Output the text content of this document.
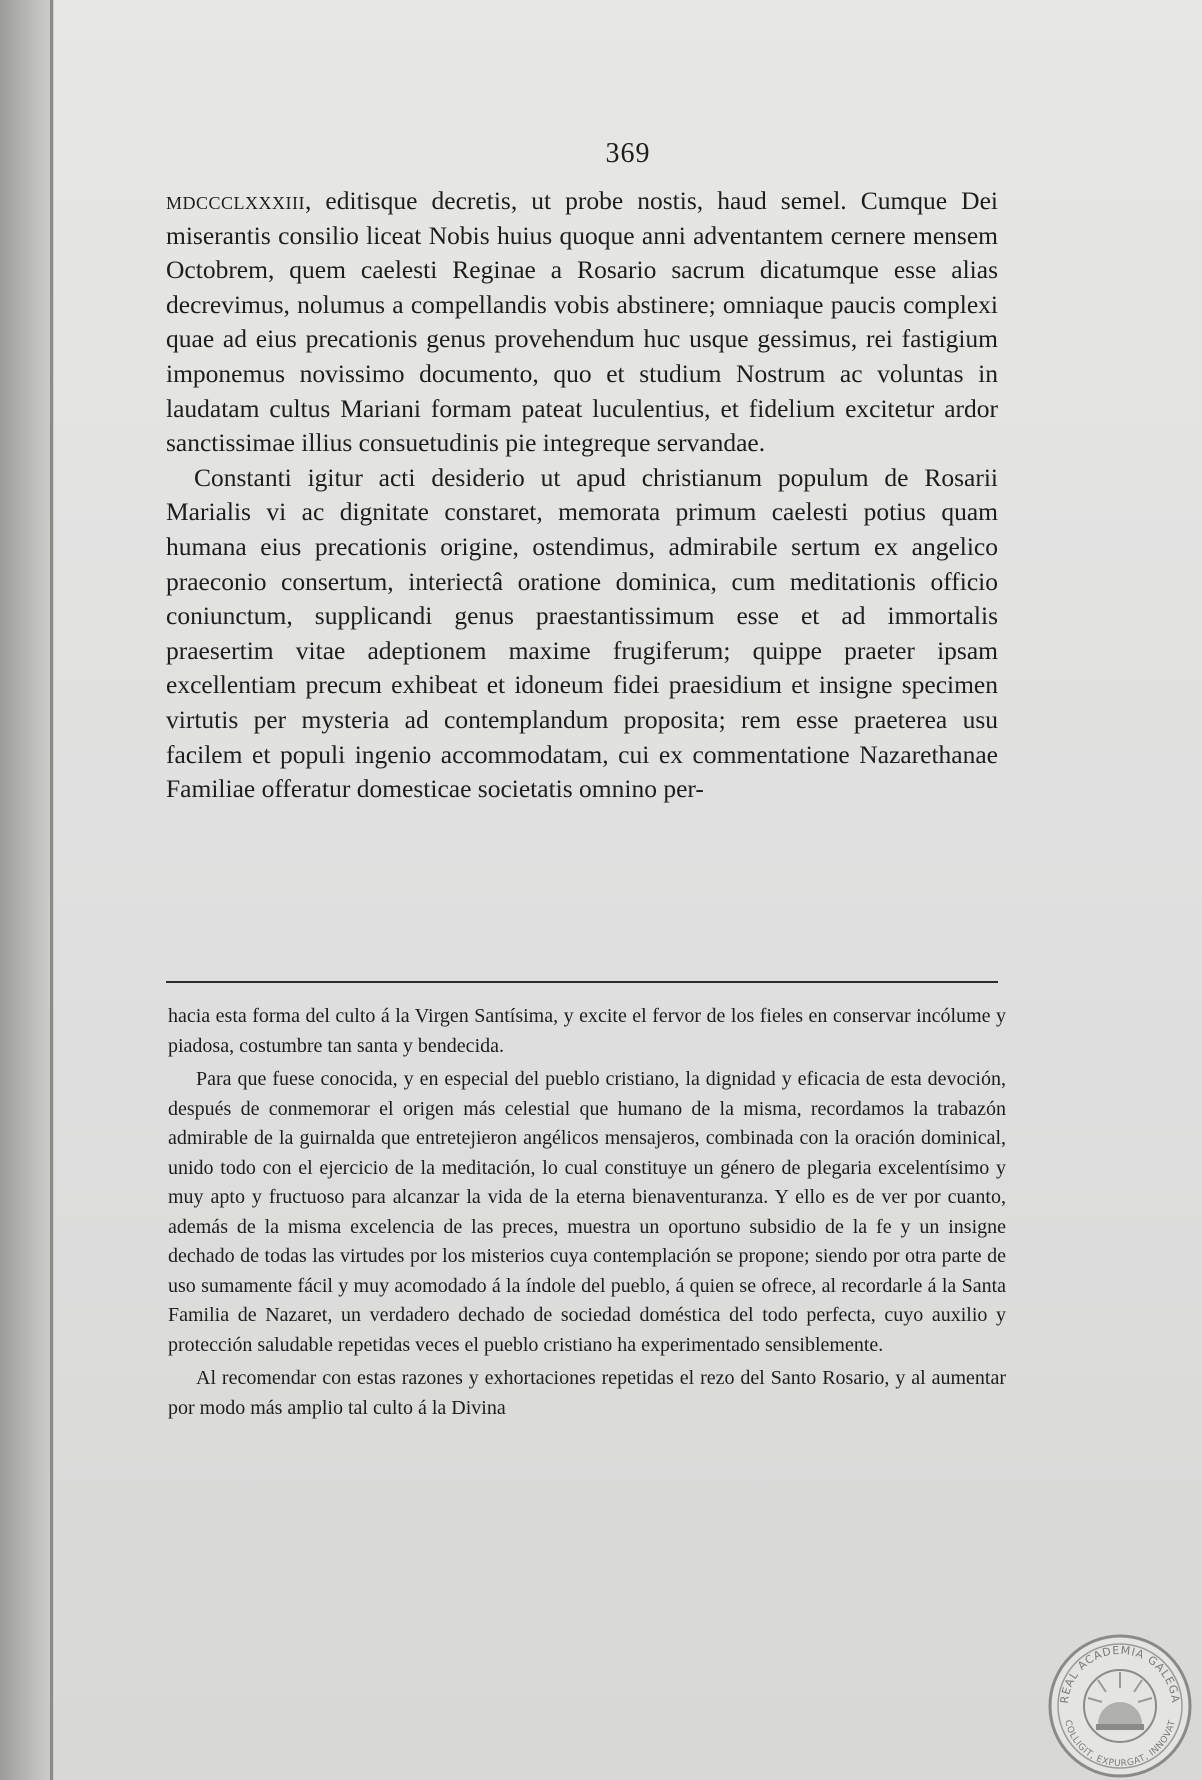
369

mdccclxxxiii, editisque decretis, ut probe nostis, haud semel. Cumque Dei miserantis consilio liceat Nobis huius quoque anni adventantem cernere mensem Octobrem, quem caelesti Reginae a Rosario sacrum dicatumque esse alias decrevimus, nolumus a compellandis vobis abstinere; omniaque paucis complexi quae ad eius precationis genus provehendum huc usque gessimus, rei fastigium imponemus novissimo documento, quo et studium Nostrum ac voluntas in laudatam cultus Mariani formam pateat luculentius, et fidelium excitetur ardor sanctissimae illius consuetudinis pie integreque servandae.

Constanti igitur acti desiderio ut apud christianum populum de Rosarii Marialis vi ac dignitate constaret, memorata primum caelesti potius quam humana eius precationis origine, ostendimus, admirabile sertum ex angelico praeconio consertum, interiectâ oratione dominica, cum meditationis officio coniunctum, supplicandi genus praestantissimum esse et ad immortalis praesertim vitae adeptionem maxime frugiferum; quippe praeter ipsam excellentiam precum exhibeat et idoneum fidei praesidium et insigne specimen virtutis per mysteria ad contemplandum proposita; rem esse praeterea usu facilem et populi ingenio accommodatam, cui ex commentatione Nazarethanae Familiae offeratur domesticae societatis omnino per-

hacia esta forma del culto á la Virgen Santísima, y excite el fervor de los fieles en conservar incólume y piadosa, costumbre tan santa y bendecida.

Para que fuese conocida, y en especial del pueblo cristiano, la dignidad y eficacia de esta devoción, después de conmemorar el origen más celestial que humano de la misma, recordamos la trabazón admirable de la guirnalda que entretejieron angélicos mensajeros, combinada con la oración dominical, unido todo con el ejercicio de la meditación, lo cual constituye un género de plegaria excelentísimo y muy apto y fructuoso para alcanzar la vida de la eterna bienaventuranza. Y ello es de ver por cuanto, además de la misma excelencia de las preces, muestra un oportuno subsidio de la fe y un insigne dechado de todas las virtudes por los misterios cuya contemplación se propone; siendo por otra parte de uso sumamente fácil y muy acomodado á la índole del pueblo, á quien se ofrece, al recordarle á la Santa Familia de Nazaret, un verdadero dechado de sociedad doméstica del todo perfecta, cuyo auxilio y protección saludable repetidas veces el pueblo cristiano ha experimentado sensiblemente.

Al recomendar con estas razones y exhortaciones repetidas el rezo del Santo Rosario, y al aumentar por modo más amplio tal culto á la Divina

REAL ACADEMIA GALEGA
COLLIGIT, EXPURGAT, INNOVAT
